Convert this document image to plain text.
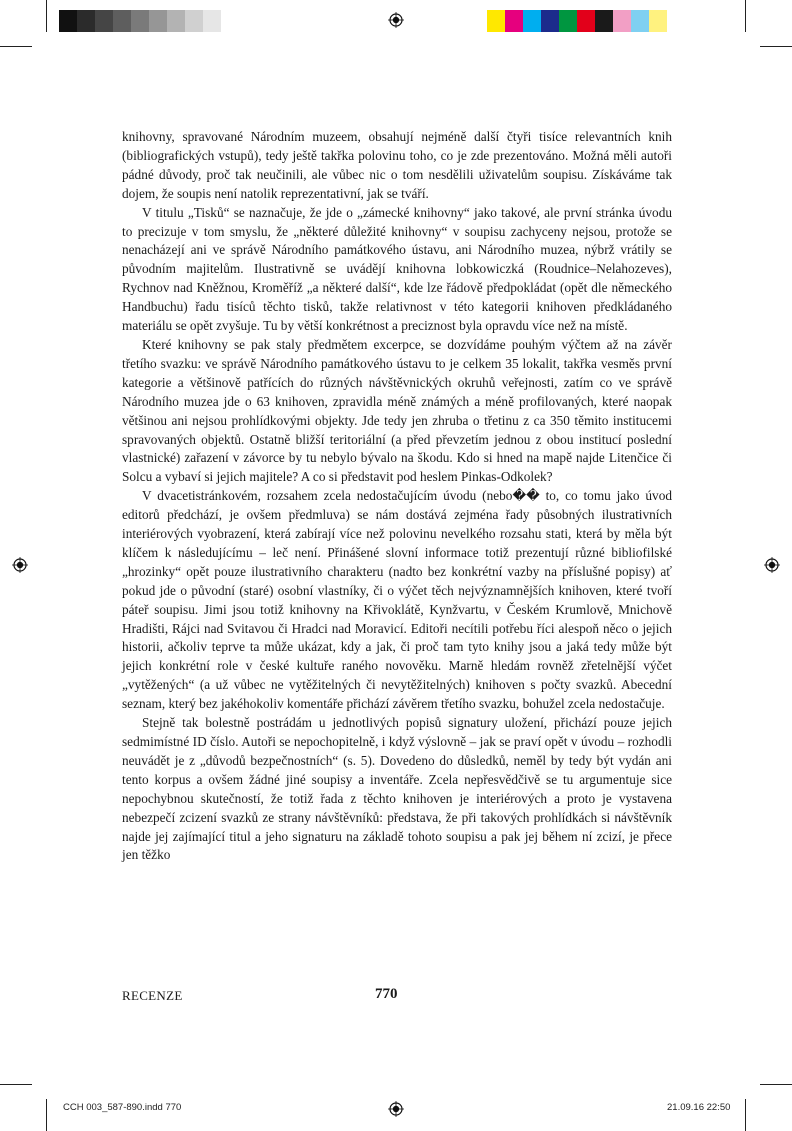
knihovny, spravované Národním muzeem, obsahují nejméně další čtyři tisíce relevantních knih (bibliografických vstupů), tedy ještě takřka polovinu toho, co je zde prezentováno. Možná měli autoři pádné důvody, proč tak neučinili, ale vůbec nic o tom nesdělili uživatelům soupisu. Získáváme tak dojem, že soupis není natolik reprezentativní, jak se tváří.

V titulu „Tisků“ se naznačuje, že jde o „zámecké knihovny“ jako takové, ale první stránka úvodu to precizuje v tom smyslu, že „některé důležité knihovny“ v soupisu zachyceny nejsou, protože se nenacházejí ani ve správě Národního památkového ústavu, ani Národního muzea, nýbrž vrátily se původním majitelům. Ilustrativně se uvádějí knihovna lobkowiczká (Roudnice–Nelahozeves), Rychnov nad Kněžnou, Kroměříž „a některé další“, kde lze řádově předpokládat (opět dle německého Handbuchu) řadu tisíců těchto tisků, takže relativnost v této kategorii knihoven předkládaného materiálu se opět zvyšuje. Tu by větší konkrétnost a preciznost byla opravdu více než na místě.

Které knihovny se pak staly předmětem excerpce, se dozvídáme pouhým výčtem až na závěr třetího svazku: ve správě Národního památkového ústavu to je celkem 35 lokalit, takřka vesměs první kategorie a většinově patřících do různých návštěvnických okruhů veřejnosti, zatím co ve správě Národního muzea jde o 63 knihoven, zpravidla méně známých a méně profilovaných, které naopak většinou ani nejsou prohlídkovými objekty. Jde tedy jen zhruba o třetinu z ca 350 těmito institucemi spravovaných objektů. Ostatně bližší teritoriální (a před převzetím jednou z obou institucí poslední vlastnické) zařazení v závorce by tu nebylo bývalo na škodu. Kdo si hned na mapě najde Litenčice či Solcu a vybaví si jejich majitele? A co si představit pod heslem Pinkas-Odkolek?

V dvacetistránkovém, rozsahem zcela nedostačujícím úvodu (nebo�� to, co tomu jako úvod editorů předchází, je ovšem předmluva) se nám dostává zejména řady působných ilustrativních interiérových vyobrazení, která zabírají více než polovinu nevelkého rozsahu stati, která by měla být klíčem k následujícímu – leč není. Přinášené slovní informace totiž prezentují různé bibliofilské „hrozinky“ opět pouze ilustrativního charakteru (nadto bez konkrétní vazby na příslušné popisy) ať pokud jde o původní (staré) osobní vlastníky, či o výčet těch nejvýznamnějších knihoven, které tvoří páteř soupisu. Jimi jsou totiž knihovny na Křivoklátě, Kynžvartu, v Českém Krumlově, Mnichově Hradišti, Rájci nad Svitavou či Hradci nad Moravicí. Editoři necítili potřebu říci alespoň něco o jejich historii, ačkoliv teprve ta může ukázat, kdy a jak, či proč tam tyto knihy jsou a jaká tedy může být jejich konkrétní role v české kultuře raného novověku. Marně hledám rovněž zřetelnější výčet „vytěžených“ (a už vůbec ne vytěžitelných či nevytěžitelných) knihoven s počty svazků. Abecední seznam, který bez jakéhokoliv komentáře přichází závěrem třetího svazku, bohužel zcela nedostačuje.

Stejně tak bolestně postrádám u jednotlivých popisů signatury uložení, přichází pouze jejich sedmimístné ID číslo. Autoři se nepochopitelně, i když výslovně – jak se praví opět v úvodu – rozhodli neuvádět je z „důvodů bezpečnostních“ (s. 5). Dovedeno do důsledků, neměl by tedy být vydán ani tento korpus a ovšem žádné jiné soupisy a inventáře. Zcela nepřesvědčivě se tu argumentuje sice nepochybnou skutečností, že totiž řada z těchto knihoven je interiérových a proto je vystavena nebezpečí zcizení svazků ze strany návštěvníků: představa, že při takových prohlídkách si návštěvník najde jej zajímající titul a jeho signaturu na základě tohoto soupisu a pak jej během ní zcizí, je přece jen těžko

RECENZE	770
CCH 003_587-890.indd 770	21.09.16 22:50
